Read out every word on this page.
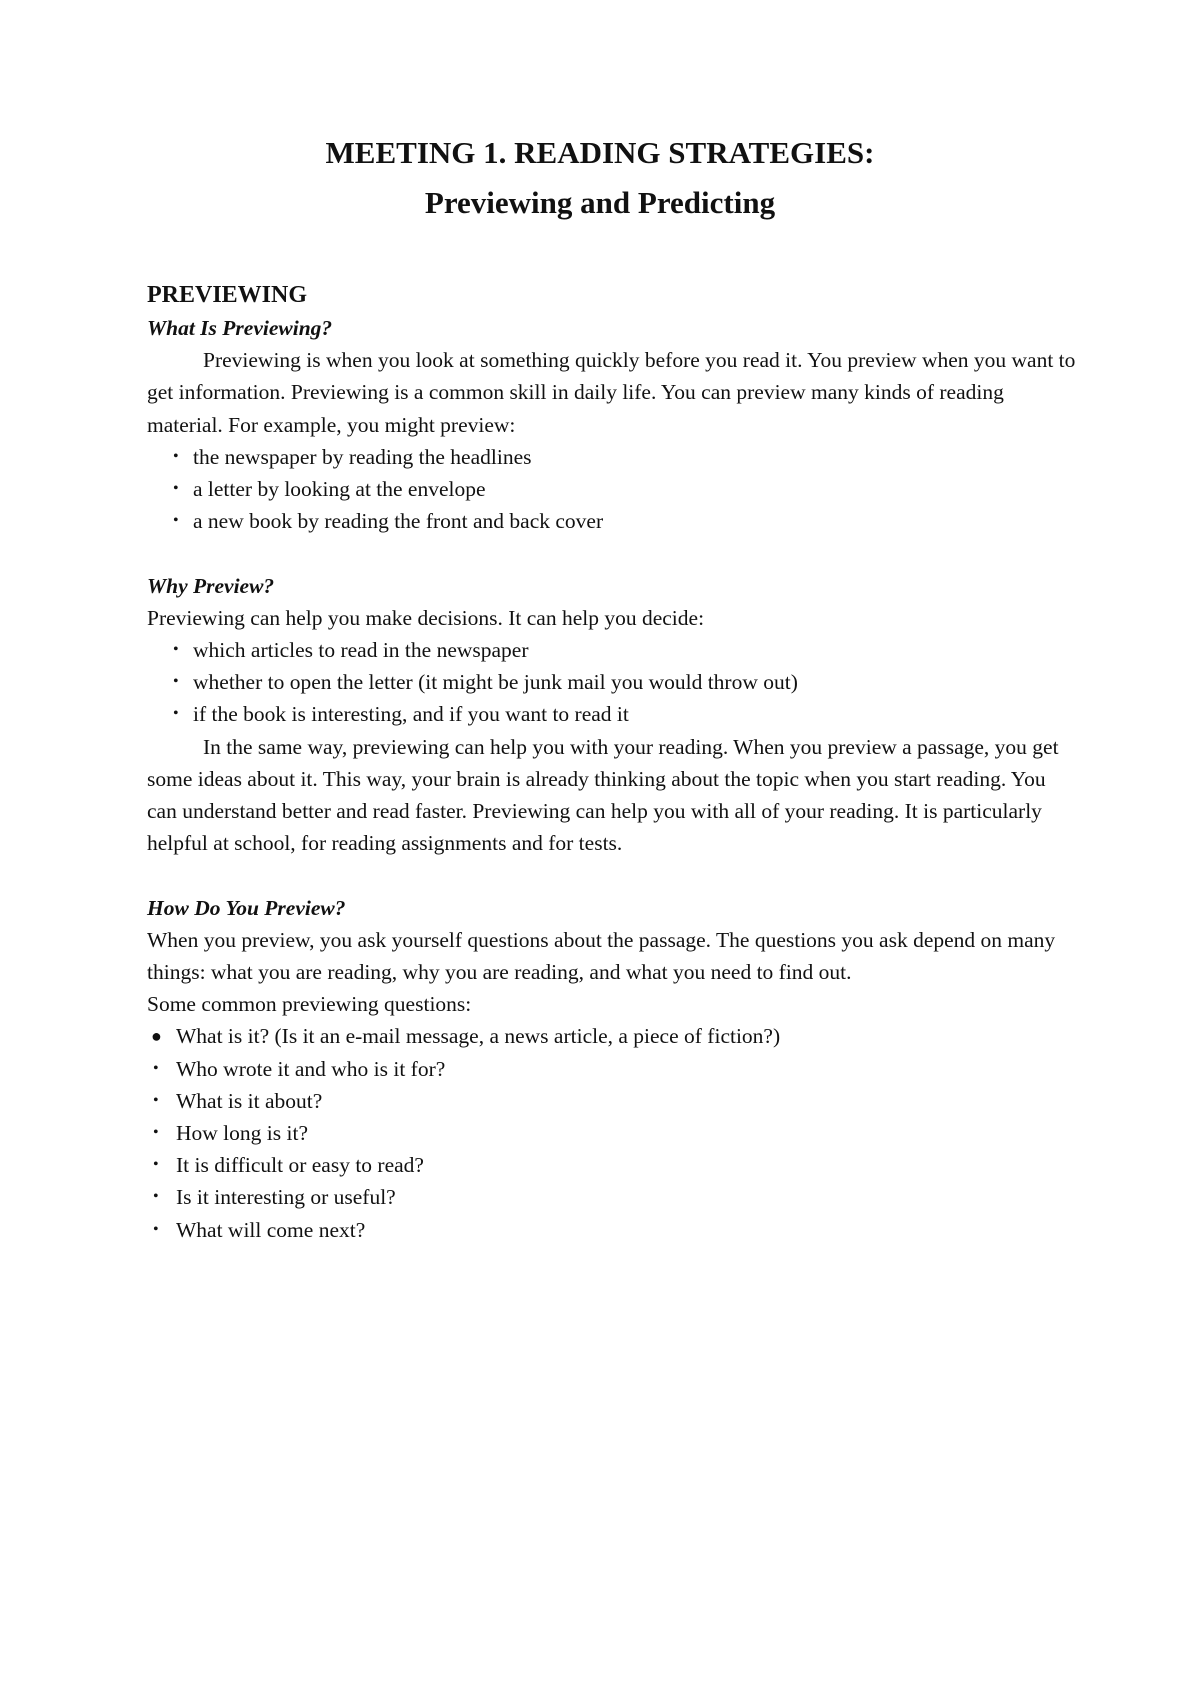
MEETING 1. READING STRATEGIES:
Previewing and Predicting

PREVIEWING

What Is Previewing?

Previewing is when you look at something quickly before you read it. You preview when you want to get information. Previewing is a common skill in daily life. You can preview many kinds of reading material. For example, you might preview:

• the newspaper by reading the headlines
• a letter by looking at the envelope
• a new book by reading the front and back cover

Why Preview?

Previewing can help you make decisions. It can help you decide:

• which articles to read in the newspaper
• whether to open the letter (it might be junk mail you would throw out)
• if the book is interesting, and if you want to read it

In the same way, previewing can help you with your reading. When you preview a passage, you get some ideas about it. This way, your brain is already thinking about the topic when you start reading. You can understand better and read faster. Previewing can help you with all of your reading. It is particularly helpful at school, for reading assignments and for tests.

How Do You Preview?

When you preview, you ask yourself questions about the passage. The questions you ask depend on many things: what you are reading, why you are reading, and what you need to find out.

Some common previewing questions:

● What is it? (Is it an e-mail message, a news article, a piece of fiction?)
• Who wrote it and who is it for?
• What is it about?
• How long is it?
• It is difficult or easy to read?
• Is it interesting or useful?
• What will come next?
